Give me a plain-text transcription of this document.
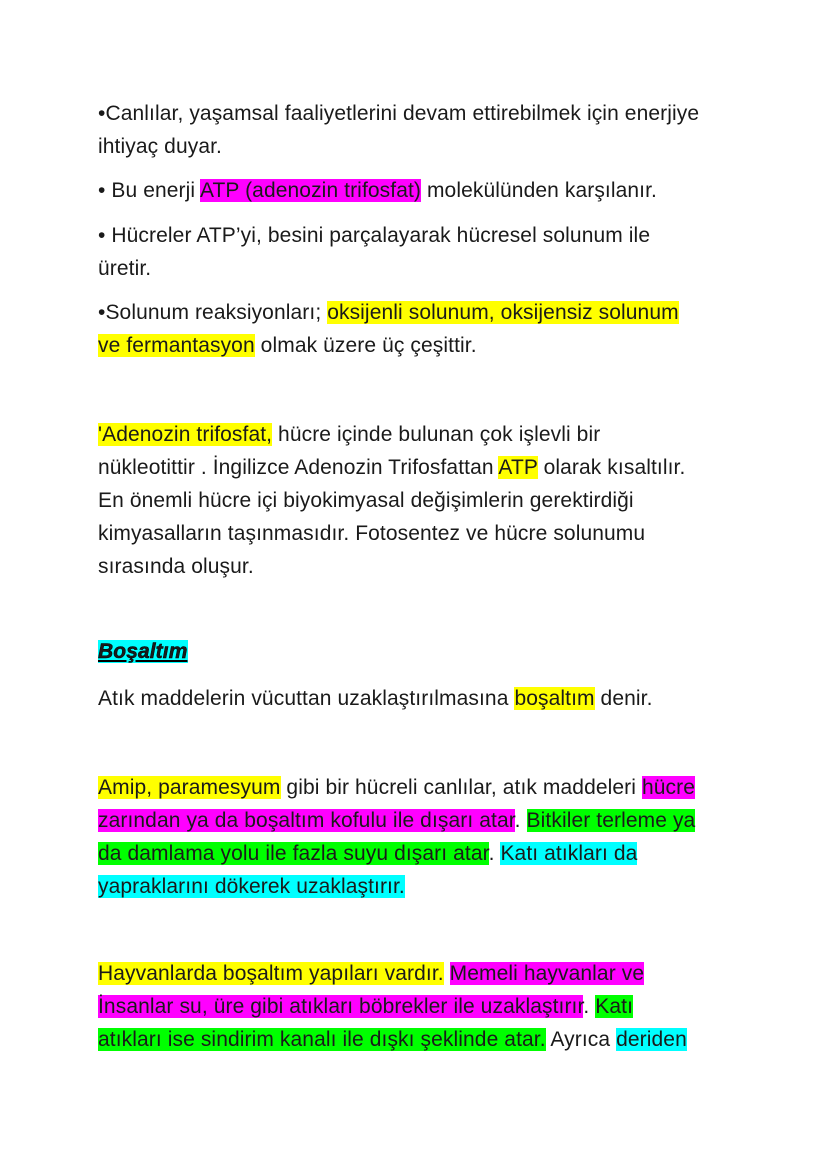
•Canlılar, yaşamsal faaliyetlerini devam ettirebilmek için enerjiye
ihtiyaç duyar.
• Bu enerji ATP (adenozin trifosfat) molekülünden karşılanır.
• Hücreler ATP’yi, besini parçalayarak hücresel solunum ile
üretir.
•Solunum reaksiyonları; oksijenli solunum, oksijensiz solunum
ve fermantasyon olmak üzere üç çeşittir.
'Adenozin trifosfat, hücre içinde bulunan çok işlevli bir
nükleotittir . İngilizce Adenozin Trifosfattan ATP olarak kısaltılır.
En önemli hücre içi biyokimyasal değişimlerin gerektirdiği
kimyasalların taşınmasıdır. Fotosentez ve hücre solunumu
sırasında oluşur.
Boşaltım
Atık maddelerin vücuttan uzaklaştırılmasına boşaltım denir.
Amip, paramesyum gibi bir hücreli canlılar, atık maddeleri hücre
zarından ya da boşaltım kofulu ile dışarı atar. Bitkiler terleme ya
da damlama yolu ile fazla suyu dışarı atar. Katı atıkları da
yapraklarını dökerek uzaklaştırır.
Hayvanlarda boşaltım yapıları vardır. Memeli hayvanlar ve
İnsanlar su, üre gibi atıkları böbrekler ile uzaklaştırır. Katı
atıkları ise sindirim kanalı ile dışkı şeklinde atar. Ayrıca deriden
